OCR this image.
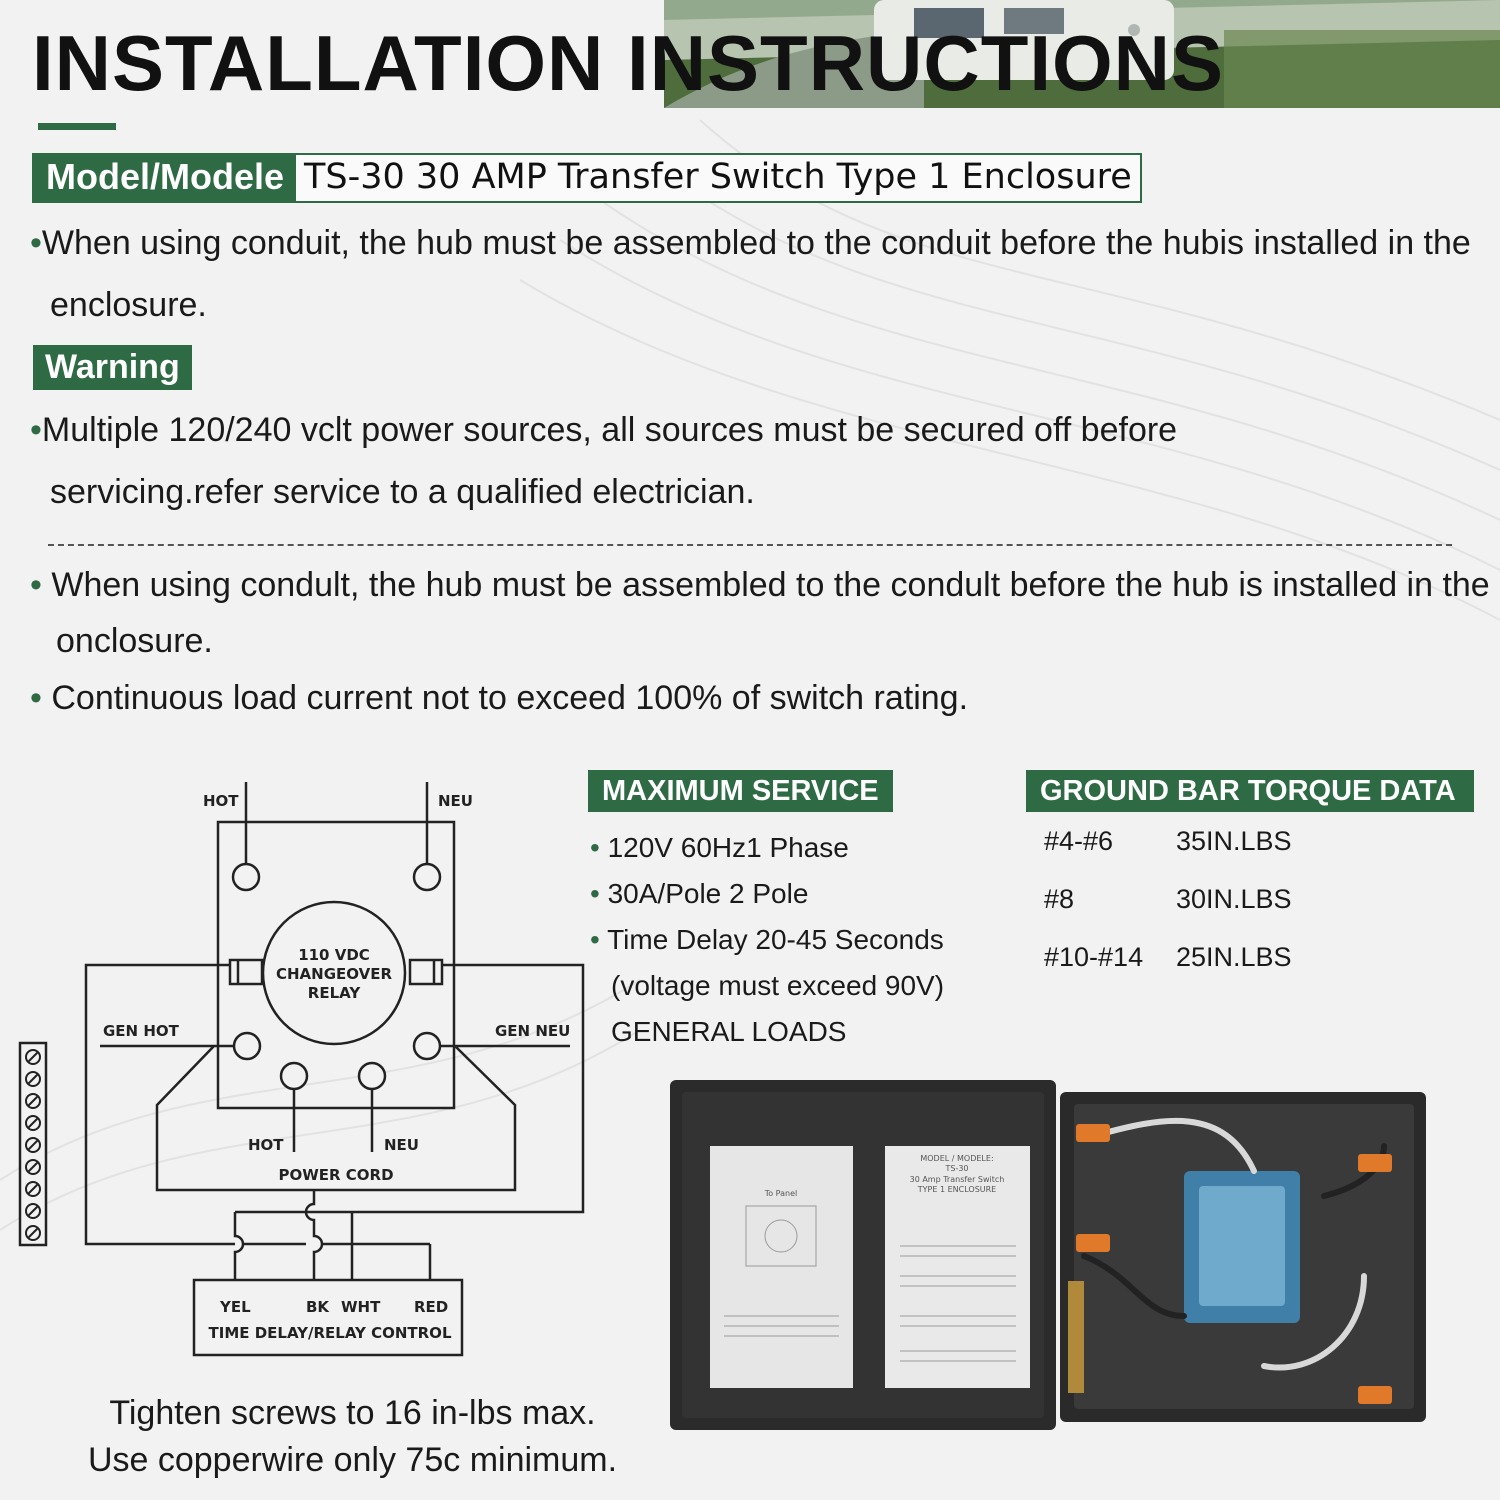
INSTALLATION INSTRUCTIONS
Model/Modele TS-30 30 AMP Transfer Switch Type 1 Enclosure
•When using conduit, the hub must be assembled to the conduit before the hubis installed in the enclosure.
Warning
•Multiple 120/240 vclt power sources, all sources must be secured off before servicing.refer service to a qualified electrician.
• When using condult, the hub must be assembled to the condult before the hub is installed in the onclosure.
• Continuous load current not to exceed 100% of switch rating.
HOT	NEU
110 VDC
CHANGEOVER
RELAY
GEN HOT	GEN NEU
HOT	NEU
POWER CORD
YEL	BK WHT RED
TIME DELAY/RELAY CONTROL
MAXIMUM SERVICE
• 120V 60Hz1 Phase
• 30A/Pole 2 Pole
• Time Delay 20-45 Seconds
(voltage must exceed 90V)
GENERAL LOADS
GROUND BAR TORQUE DATA
#4-#6	35IN.LBS
#8	30IN.LBS
#10-#14	25IN.LBS
To Panel
MODEL / MODELE:
TS-30
30 Amp Transfer Switch
TYPE 1 ENCLOSURE
Tighten screws to 16 in-lbs max.
Use copperwire only 75c minimum.
